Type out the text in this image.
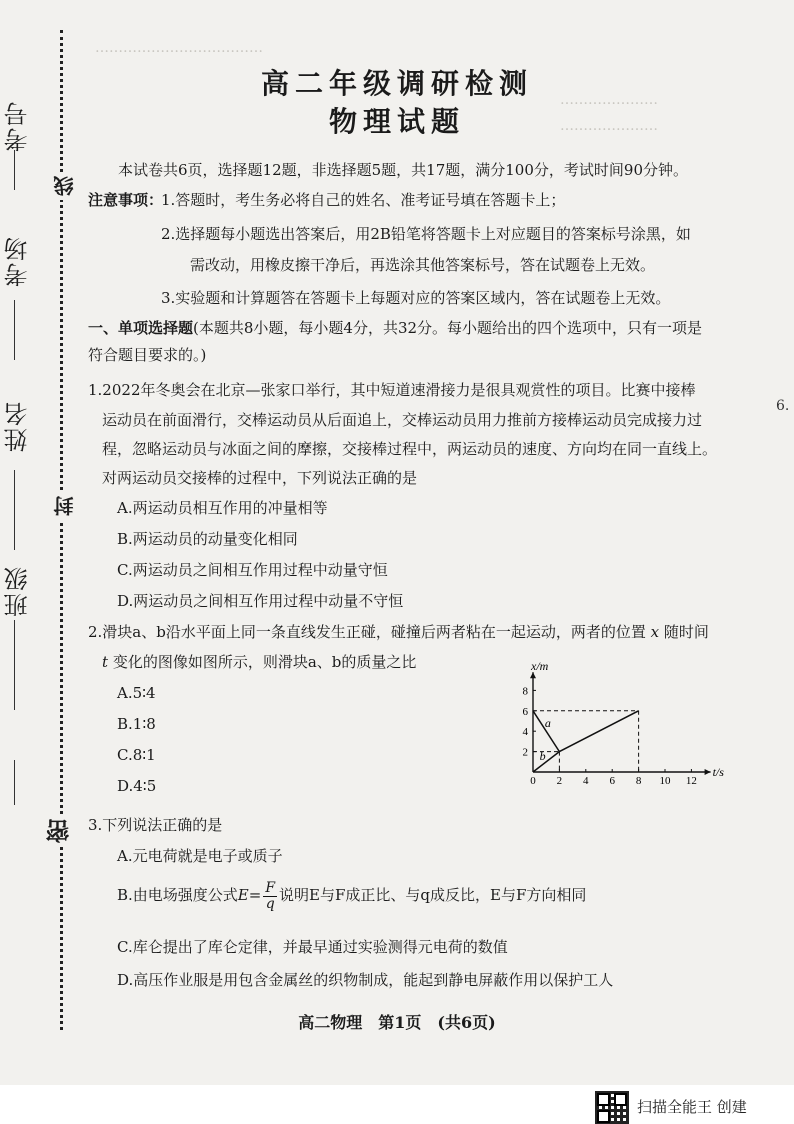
………………………………
…………………
…………………
考号
考场
姓名
班级
线
封
密
高二年级调研检测
物理试题
本试卷共6页，选择题12题，非选择题5题，共17题，满分100分，考试时间90分钟。
注意事项：
1.答题时，考生务必将自己的姓名、准考证号填在答题卡上；
2.选择题每小题选出答案后，用2B铅笔将答题卡上对应题目的答案标号涂黑，如
需改动，用橡皮擦干净后，再选涂其他答案标号，答在试题卷上无效。
3.实验题和计算题答在答题卡上每题对应的答案区域内，答在试题卷上无效。
一、单项选择题(本题共8小题，每小题4分，共32分。每小题给出的四个选项中，只有一项是
符合题目要求的。)
1.2022年冬奥会在北京—张家口举行，其中短道速滑接力是很具观赏性的项目。比赛中接棒
运动员在前面滑行，交棒运动员从后面追上，交棒运动员用力推前方接棒运动员完成接力过
程，忽略运动员与冰面之间的摩擦，交接棒过程中，两运动员的速度、方向均在同一直线上。
对两运动员交接棒的过程中，下列说法正确的是
A.两运动员相互作用的冲量相等
B.两运动员的动量变化相同
C.两运动员之间相互作用过程中动量守恒
D.两运动员之间相互作用过程中动量不守恒
2.滑块a、b沿水平面上同一条直线发生正碰，碰撞后两者粘在一起运动，两者的位置 x 随时间
t 变化的图像如图所示，则滑块a、b的质量之比
A.5∶4
B.1∶8
C.8∶1
D.4∶5
t/s
x/m
0 2 4 6 8 10 12
2
4
6
8
a
b
3.下列说法正确的是
A.元电荷就是电子或质子
B.由电场强度公式$E= \frac{F}{q}$ 说明E与F成正比、与q成反比，E与F方向相同
C.库仑提出了库仑定律，并最早通过实验测得元电荷的数值
D.高压作业服是用包含金属丝的织物制成，能起到静电屏蔽作用以保护工人
高二物理　第1页　(共6页)
6.
扫描全能王 创建
